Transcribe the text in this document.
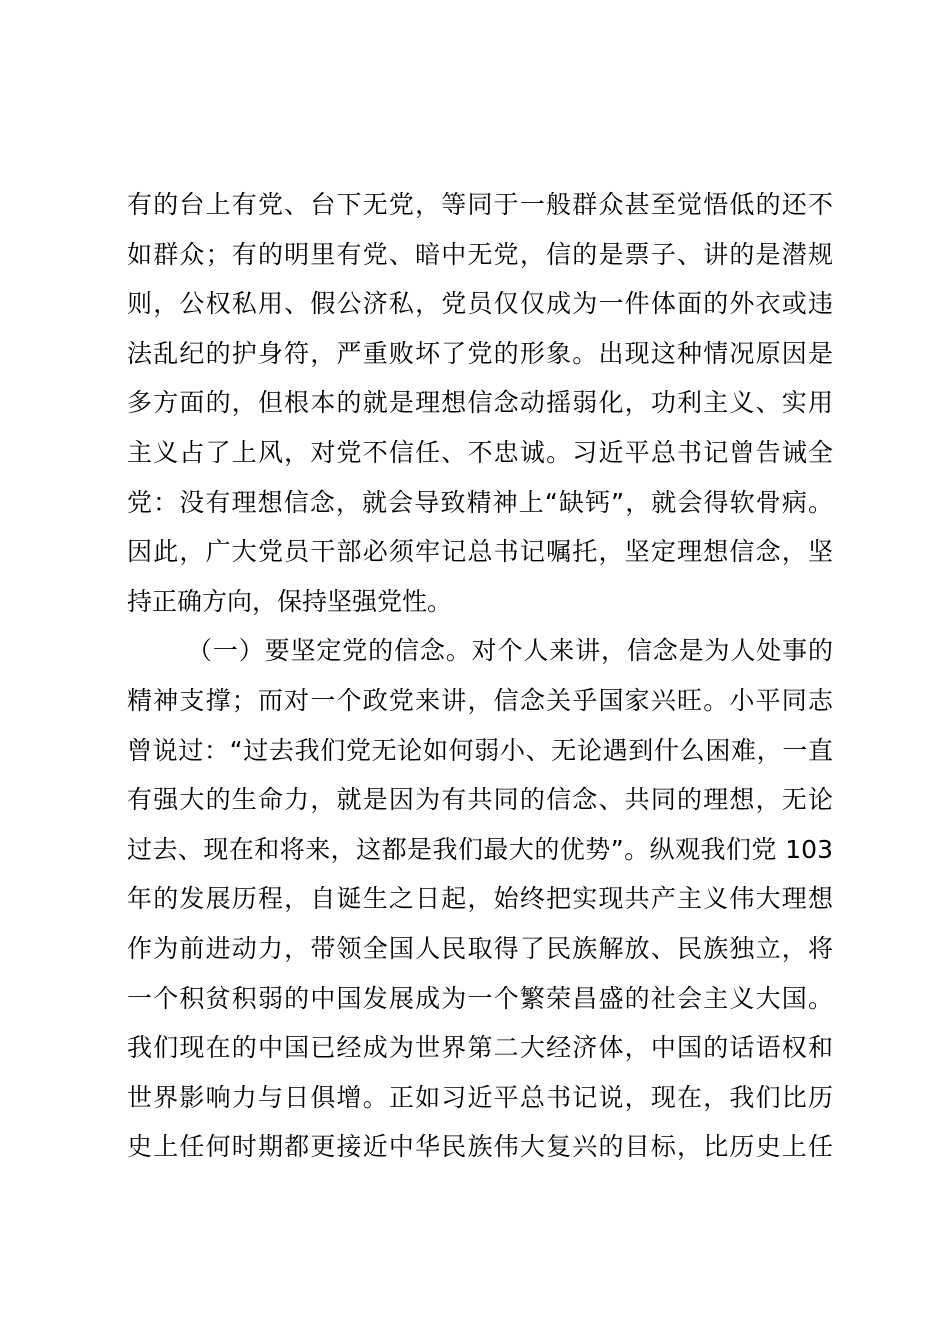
有的台上有党、台下无党，等同于一般群众甚至觉悟低的还不
如群众；有的明里有党、暗中无党，信的是票子、讲的是潜规
则，公权私用、假公济私，党员仅仅成为一件体面的外衣或违
法乱纪的护身符，严重败坏了党的形象。出现这种情况原因是
多方面的，但根本的就是理想信念动摇弱化，功利主义、实用
主义占了上风，对党不信任、不忠诚。习近平总书记曾告诫全
党：没有理想信念，就会导致精神上“缺钙”，就会得软骨病。
因此，广大党员干部必须牢记总书记嘱托，坚定理想信念，坚
持正确方向，保持坚强党性。
（一）要坚定党的信念。对个人来讲，信念是为人处事的
精神支撑；而对一个政党来讲，信念关乎国家兴旺。小平同志
曾说过：“过去我们党无论如何弱小、无论遇到什么困难，一直
有强大的生命力，就是因为有共同的信念、共同的理想，无论
过去、现在和将来，这都是我们最大的优势”。纵观我们党 103
年的发展历程，自诞生之日起，始终把实现共产主义伟大理想
作为前进动力，带领全国人民取得了民族解放、民族独立，将
一个积贫积弱的中国发展成为一个繁荣昌盛的社会主义大国。
我们现在的中国已经成为世界第二大经济体，中国的话语权和
世界影响力与日俱增。正如习近平总书记说，现在，我们比历
史上任何时期都更接近中华民族伟大复兴的目标，比历史上任
